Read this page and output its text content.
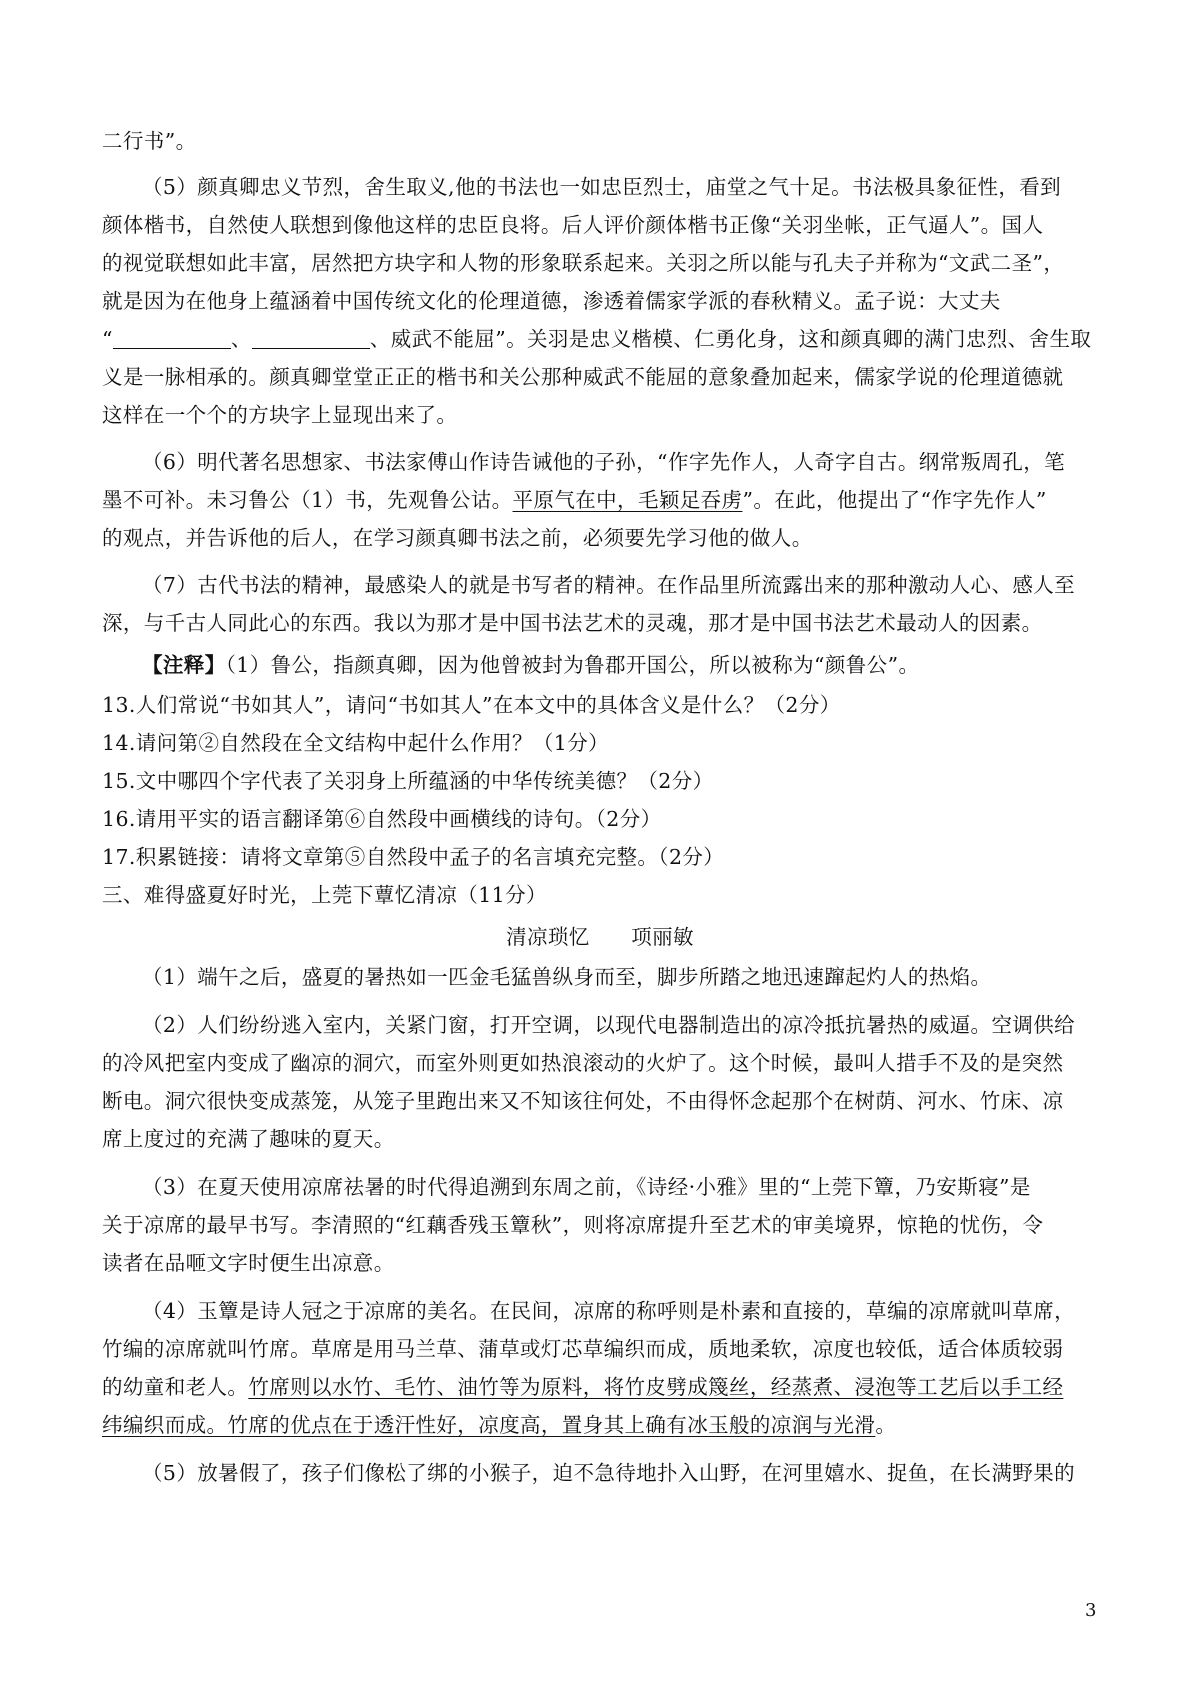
二行书”。
（5）颜真卿忠义节烈，舍生取义,他的书法也一如忠臣烈士，庙堂之气十足。书法极具象征性，看到
颜体楷书，自然使人联想到像他这样的忠臣良将。后人评价颜体楷书正像“关羽坐帐，正气逼人”。国人
的视觉联想如此丰富，居然把方块字和人物的形象联系起来。关羽之所以能与孔夫子并称为“文武二圣”，
就是因为在他身上蕴涵着中国传统文化的伦理道德，渗透着儒家学派的春秋精义。孟子说：大丈夫
“	、	、威武不能屈”。关羽是忠义楷模、仁勇化身，这和颜真卿的满门忠烈、舍生取
义是一脉相承的。颜真卿堂堂正正的楷书和关公那种威武不能屈的意象叠加起来，儒家学说的伦理道德就
这样在一个个的方块字上显现出来了。
（6）明代著名思想家、书法家傅山作诗告诫他的子孙，“作字先作人，人奇字自古。纲常叛周孔，笔
墨不可补。未习鲁公（1）书，先观鲁公诂。平原气在中，毛颖足吞虏”。在此，他提出了“作字先作人”
的观点，并告诉他的后人，在学习颜真卿书法之前，必须要先学习他的做人。
（7）古代书法的精神，最感染人的就是书写者的精神。在作品里所流露出来的那种激动人心、感人至
深，与千古人同此心的东西。我以为那才是中国书法艺术的灵魂，那才是中国书法艺术最动人的因素。
【注释】（1）鲁公，指颜真卿，因为他曾被封为鲁郡开国公，所以被称为“颜鲁公”。
13.人们常说“书如其人”，请问“书如其人”在本文中的具体含义是什么？（2分）
14.请问第②自然段在全文结构中起什么作用？（1分）
15.文中哪四个字代表了关羽身上所蕴涵的中华传统美德？（2分）
16.请用平实的语言翻译第⑥自然段中画横线的诗句。（2分）
17.积累链接：请将文章第⑤自然段中孟子的名言填充完整。（2分）
三、难得盛夏好时光，上莞下蕈忆清凉（11分）
清凉琐忆 项丽敏
（1）端午之后，盛夏的暑热如一匹金毛猛兽纵身而至，脚步所踏之地迅速蹿起灼人的热焰。
（2）人们纷纷逃入室内，关紧门窗，打开空调，以现代电器制造出的凉冷抵抗暑热的威逼。空调供给
的冷风把室内变成了幽凉的洞穴，而室外则更如热浪滚动的火炉了。这个时候，最叫人措手不及的是突然
断电。洞穴很快变成蒸笼，从笼子里跑出来又不知该往何处，不由得怀念起那个在树荫、河水、竹床、凉
席上度过的充满了趣味的夏天。
（3）在夏天使用凉席祛暑的时代得追溯到东周之前，《诗经·小雅》里的“上莞下簟，乃安斯寝”是
关于凉席的最早书写。李清照的“红藕香残玉簟秋”，则将凉席提升至艺术的审美境界，惊艳的忧伤，令
读者在品咂文字时便生出凉意。
（4）玉簟是诗人冠之于凉席的美名。在民间，凉席的称呼则是朴素和直接的，草编的凉席就叫草席，
竹编的凉席就叫竹席。草席是用马兰草、蒲草或灯芯草编织而成，质地柔软，凉度也较低，适合体质较弱
的幼童和老人。竹席则以水竹、毛竹、油竹等为原料，将竹皮劈成篾丝，经蒸煮、浸泡等工艺后以手工经
纬编织而成。竹席的优点在于透汗性好，凉度高，置身其上确有冰玉般的凉润与光滑。
（5）放暑假了，孩子们像松了绑的小猴子，迫不急待地扑入山野，在河里嬉水、捉鱼，在长满野果的
3
